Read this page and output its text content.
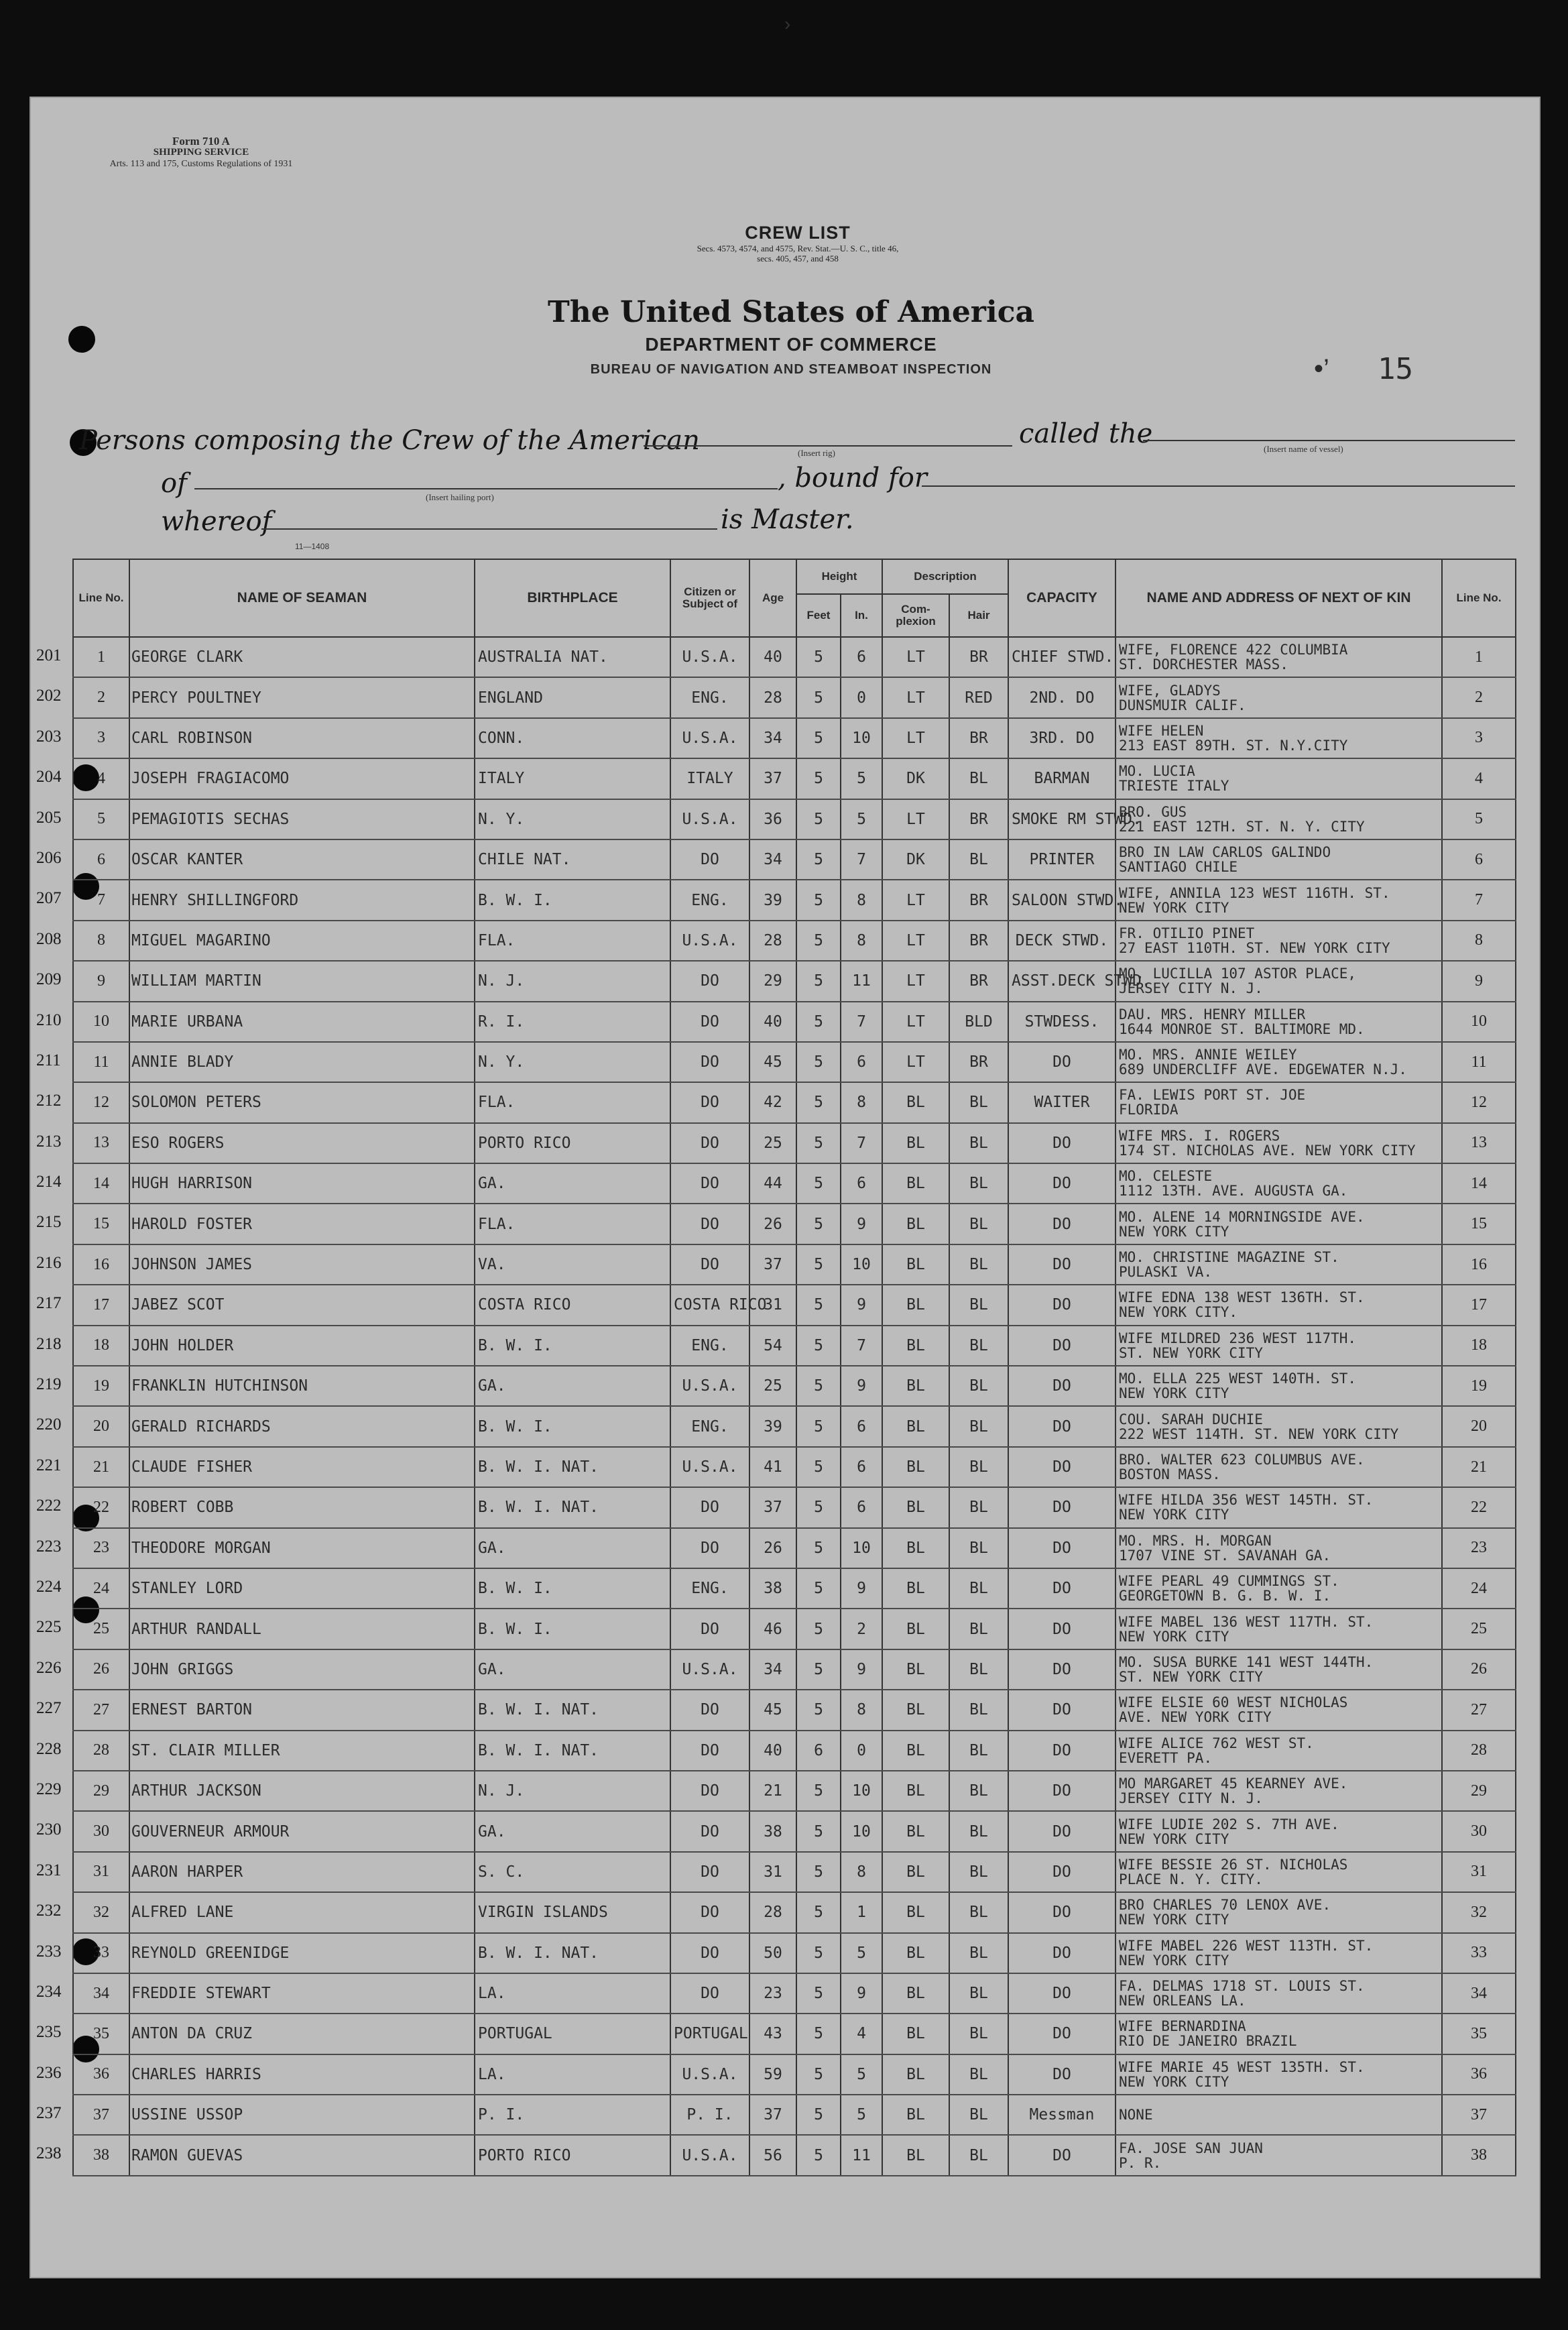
›
Form 710 A
SHIPPING SERVICE
Arts. 113 and 175, Customs Regulations of 1931
CREW LIST
Secs. 4573, 4574, and 4575, Rev. Stat.—U. S. C., title 46,
secs. 405, 457, and 458
The United States of America
DEPARTMENT OF COMMERCE
BUREAU OF NAVIGATION AND STEAMBOAT INSPECTION	•’ 15
Persons composing the Crew of the American	(Insert rig)
called the	(Insert name of vessel)
of	(Insert hailing port)
, bound for
whereof	is Master.
11—1408
201
202
203
204
205
206
207
208
209
210
211
212
213
214
215
216
217
218
219
220
221
222
223
224
225
226
227
228
229
230
231
232
233
234
235
236
237
238
Line No.	NAME OF SEAMAN	BIRTHPLACE	Citizen or Subject of	Age	Height		Description		CAPACITY	NAME AND ADDRESS OF NEXT OF KIN	Line No.
					Feet	In.	Com-plexion	Hair			
1	GEORGE CLARK	AUSTRALIA NAT.	U.S.A.	40	5	6	LT	BR	CHIEF STWD.	WIFE, FLORENCE 422 COLUMBIA
ST. DORCHESTER MASS.	1
2	PERCY POULTNEY	ENGLAND	ENG.	28	5	0	LT	RED	2ND. DO	WIFE, GLADYS
DUNSMUIR CALIF.	2
3	CARL ROBINSON	CONN.	U.S.A.	34	5	10	LT	BR	3RD. DO	WIFE HELEN
213 EAST 89TH. ST. N.Y.CITY	3
4	JOSEPH FRAGIACOMO	ITALY	ITALY	37	5	5	DK	BL	BARMAN	MO. LUCIA
TRIESTE ITALY	4
5	PEMAGIOTIS SECHAS	N. Y.	U.S.A.	36	5	5	LT	BR	SMOKE RM STWD.	BRO. GUS
221 EAST 12TH. ST. N. Y. CITY	5
6	OSCAR KANTER	CHILE NAT.	DO	34	5	7	DK	BL	PRINTER	BRO IN LAW CARLOS GALINDO
SANTIAGO CHILE	6
7	HENRY SHILLINGFORD	B. W. I.	ENG.	39	5	8	LT	BR	SALOON STWD.	WIFE, ANNILA 123 WEST 116TH. ST.
NEW YORK CITY	7
8	MIGUEL MAGARINO	FLA.	U.S.A.	28	5	8	LT	BR	DECK STWD.	FR. OTILIO PINET
27 EAST 110TH. ST. NEW YORK CITY	8
9	WILLIAM MARTIN	N. J.	DO	29	5	11	LT	BR	ASST.DECK STWD.	MO. LUCILLA 107 ASTOR PLACE,
JERSEY CITY N. J.	9
10	MARIE URBANA	R. I.	DO	40	5	7	LT	BLD	STWDESS.	DAU. MRS. HENRY MILLER
1644 MONROE ST. BALTIMORE MD.	10
11	ANNIE BLADY	N. Y.	DO	45	5	6	LT	BR	DO	MO. MRS. ANNIE WEILEY
689 UNDERCLIFF AVE. EDGEWATER N.J.	11
12	SOLOMON PETERS	FLA.	DO	42	5	8	BL	BL	WAITER	FA. LEWIS PORT ST. JOE
FLORIDA	12
13	ESO ROGERS	PORTO RICO	DO	25	5	7	BL	BL	DO	WIFE MRS. I. ROGERS
174 ST. NICHOLAS AVE. NEW YORK CITY	13
14	HUGH HARRISON	GA.	DO	44	5	6	BL	BL	DO	MO. CELESTE
1112 13TH. AVE. AUGUSTA GA.	14
15	HAROLD FOSTER	FLA.	DO	26	5	9	BL	BL	DO	MO. ALENE 14 MORNINGSIDE AVE.
NEW YORK CITY	15
16	JOHNSON JAMES	VA.	DO	37	5	10	BL	BL	DO	MO. CHRISTINE MAGAZINE ST.
PULASKI VA.	16
17	JABEZ SCOT	COSTA RICO	COSTA RICO	31	5	9	BL	BL	DO	WIFE EDNA 138 WEST 136TH. ST.
NEW YORK CITY.	17
18	JOHN HOLDER	B. W. I.	ENG.	54	5	7	BL	BL	DO	WIFE MILDRED 236 WEST 117TH.
ST. NEW YORK CITY	18
19	FRANKLIN HUTCHINSON	GA.	U.S.A.	25	5	9	BL	BL	DO	MO. ELLA 225 WEST 140TH. ST.
NEW YORK CITY	19
20	GERALD RICHARDS	B. W. I.	ENG.	39	5	6	BL	BL	DO	COU. SARAH DUCHIE
222 WEST 114TH. ST. NEW YORK CITY	20
21	CLAUDE FISHER	B. W. I. NAT.	U.S.A.	41	5	6	BL	BL	DO	BRO. WALTER 623 COLUMBUS AVE.
BOSTON MASS.	21
22	ROBERT COBB	B. W. I. NAT.	DO	37	5	6	BL	BL	DO	WIFE HILDA 356 WEST 145TH. ST.
NEW YORK CITY	22
23	THEODORE MORGAN	GA.	DO	26	5	10	BL	BL	DO	MO. MRS. H. MORGAN
1707 VINE ST. SAVANAH GA.	23
24	STANLEY LORD	B. W. I.	ENG.	38	5	9	BL	BL	DO	WIFE PEARL 49 CUMMINGS ST.
GEORGETOWN B. G. B. W. I.	24
25	ARTHUR RANDALL	B. W. I.	DO	46	5	2	BL	BL	DO	WIFE MABEL 136 WEST 117TH. ST.
NEW YORK CITY	25
26	JOHN GRIGGS	GA.	U.S.A.	34	5	9	BL	BL	DO	MO. SUSA BURKE 141 WEST 144TH.
ST. NEW YORK CITY	26
27	ERNEST BARTON	B. W. I. NAT.	DO	45	5	8	BL	BL	DO	WIFE ELSIE 60 WEST NICHOLAS
AVE. NEW YORK CITY	27
28	ST. CLAIR MILLER	B. W. I. NAT.	DO	40	6	0	BL	BL	DO	WIFE ALICE 762 WEST ST.
EVERETT PA.	28
29	ARTHUR JACKSON	N. J.	DO	21	5	10	BL	BL	DO	MO MARGARET 45 KEARNEY AVE.
JERSEY CITY N. J.	29
30	GOUVERNEUR ARMOUR	GA.	DO	38	5	10	BL	BL	DO	WIFE LUDIE 202 S. 7TH AVE.
NEW YORK CITY	30
31	AARON HARPER	S. C.	DO	31	5	8	BL	BL	DO	WIFE BESSIE 26 ST. NICHOLAS
PLACE N. Y. CITY.	31
32	ALFRED LANE	VIRGIN ISLANDS	DO	28	5	1	BL	BL	DO	BRO CHARLES 70 LENOX AVE.
NEW YORK CITY	32
33	REYNOLD GREENIDGE	B. W. I. NAT.	DO	50	5	5	BL	BL	DO	WIFE MABEL 226 WEST 113TH. ST.
NEW YORK CITY	33
34	FREDDIE STEWART	LA.	DO	23	5	9	BL	BL	DO	FA. DELMAS 1718 ST. LOUIS ST.
NEW ORLEANS LA.	34
35	ANTON DA CRUZ	PORTUGAL	PORTUGAL	43	5	4	BL	BL	DO	WIFE BERNARDINA
RIO DE JANEIRO BRAZIL	35
36	CHARLES HARRIS	LA.	U.S.A.	59	5	5	BL	BL	DO	WIFE MARIE 45 WEST 135TH. ST.
NEW YORK CITY	36
37	USSINE USSOP	P. I.	P. I.	37	5	5	BL	BL	Messman	NONE	37
38	RAMON GUEVAS	PORTO RICO	U.S.A.	56	5	11	BL	BL	DO	FA. JOSE SAN JUAN
P. R.	38
